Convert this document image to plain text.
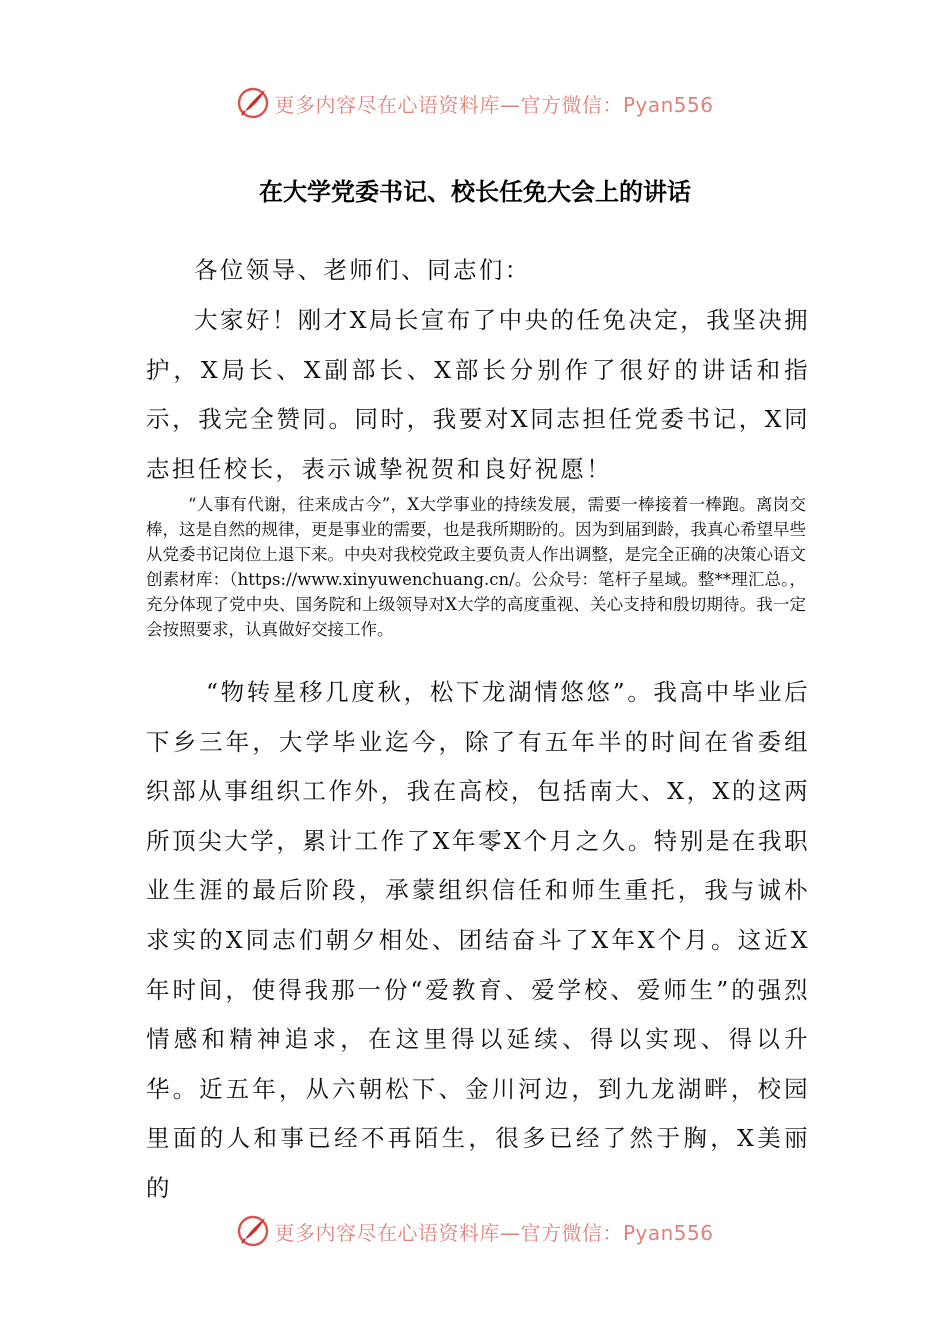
更多内容尽在心语资料库—官方微信：Pyan556
在大学党委书记、校长任免大会上的讲话

各位领导、老师们、同志们：

大家好！刚才X局长宣布了中央的任免决定，我坚决拥护，X局长、X副部长、X部长分别作了很好的讲话和指示，我完全赞同。同时，我要对X同志担任党委书记，X同志担任校长，表示诚挚祝贺和良好祝愿！

“人事有代谢，往来成古今”，X大学事业的持续发展，需要一棒接着一棒跑。离岗交棒，这是自然的规律，更是事业的需要，也是我所期盼的。因为到届到龄，我真心希望早些从党委书记岗位上退下来。中央对我校党政主要负责人作出调整，是完全正确的决策心语文创素材库：（https://www.xinyuwenchuang.cn/。公众号：笔杆子星域。整**理汇总。，充分体现了党中央、国务院和上级领导对X大学的高度重视、关心支持和殷切期待。我一定会按照要求，认真做好交接工作。

“物转星移几度秋，松下龙湖情悠悠”。我高中毕业后下乡三年，大学毕业迄今，除了有五年半的时间在省委组织部从事组织工作外，我在高校，包括南大、X，X的这两所顶尖大学，累计工作了X年零X个月之久。特别是在我职业生涯的最后阶段，承蒙组织信任和师生重托，我与诚朴求实的X同志们朝夕相处、团结奋斗了X年X个月。这近X年时间，使得我那一份“爱教育、爱学校、爱师生”的强烈情感和精神追求，在这里得以延续、得以实现、得以升华。近五年，从六朝松下、金川河边，到九龙湖畔，校园里面的人和事已经不再陌生，很多已经了然于胸，X美丽的

更多内容尽在心语资料库—官方微信：Pyan556
